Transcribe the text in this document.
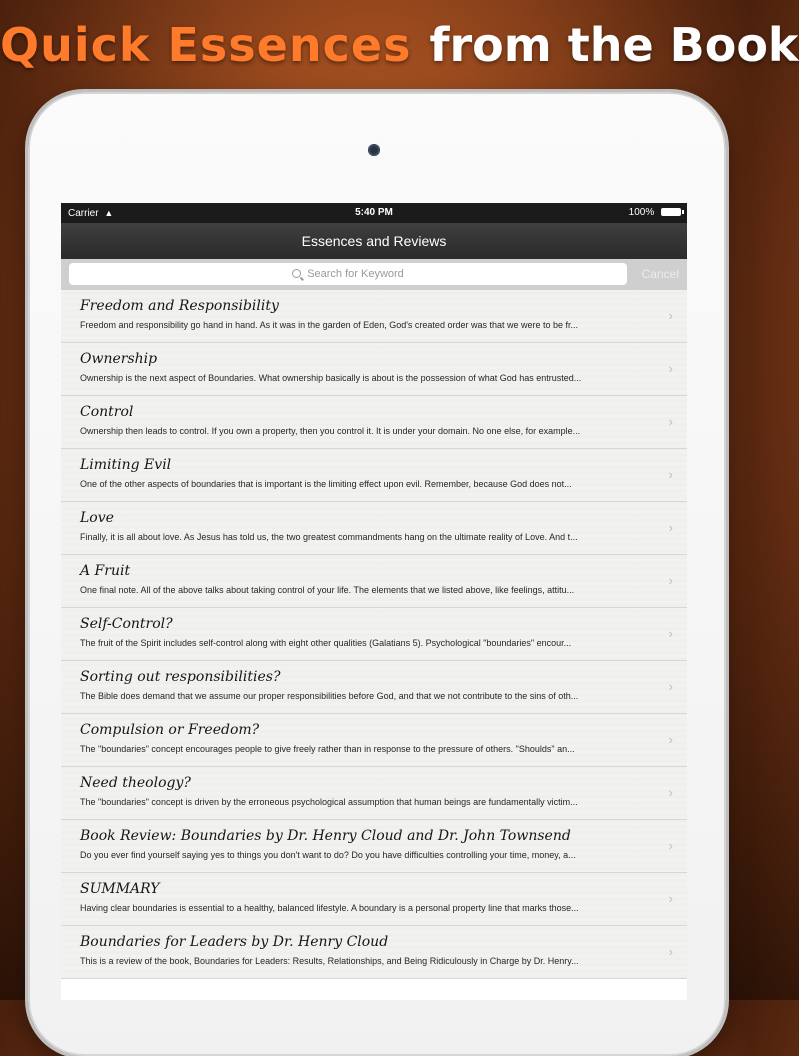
Quick Essences from the Book
Carrier ▲	5:40 PM	100%
Essences and Reviews
Search for Keyword	Cancel
Freedom and Responsibility
Freedom and responsibility go hand in hand. As it was in the garden of Eden, God's created order was that we were to be fr...
›
Ownership
Ownership is the next aspect of Boundaries. What ownership basically is about is the possession of what God has entrusted...
›
Control
Ownership then leads to control. If you own a property, then you control it. It is under your domain. No one else, for example...
›
Limiting Evil
One of the other aspects of boundaries that is important is the limiting effect upon evil. Remember, because God does not...
›
Love
Finally, it is all about love. As Jesus has told us, the two greatest commandments hang on the ultimate reality of Love. And t...
›
A Fruit
One final note. All of the above talks about taking control of your life. The elements that we listed above, like feelings, attitu...
›
Self-Control?
The fruit of the Spirit includes self-control along with eight other qualities (Galatians 5). Psychological "boundaries" encour...
›
Sorting out responsibilities?
The Bible does demand that we assume our proper responsibilities before God, and that we not contribute to the sins of oth...
›
Compulsion or Freedom?
The "boundaries" concept encourages people to give freely rather than in response to the pressure of others. "Shoulds" an...
›
Need theology?
The "boundaries" concept is driven by the erroneous psychological assumption that human beings are fundamentally victim...
›
Book Review: Boundaries by Dr. Henry Cloud and Dr. John Townsend
Do you ever find yourself saying yes to things you don't want to do? Do you have difficulties controlling your time, money, a...
›
SUMMARY
Having clear boundaries is essential to a healthy, balanced lifestyle. A boundary is a personal property line that marks those...
›
Boundaries for Leaders by Dr. Henry Cloud
This is a review of the book, Boundaries for Leaders: Results, Relationships, and Being Ridiculously in Charge by Dr. Henry...
›
